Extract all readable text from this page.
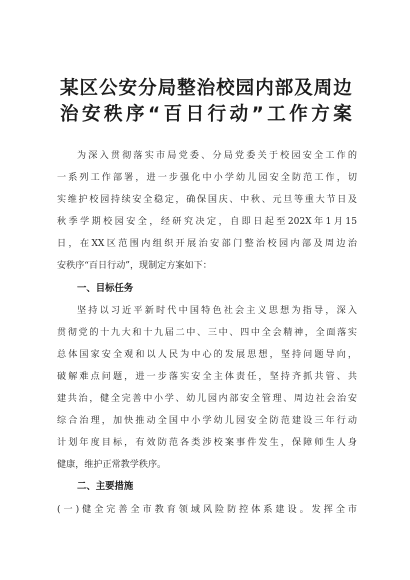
某区公安分局整治校园内部及周边
治安秩序“百日行动”工作方案
为深入贯彻落实市局党委、分局党委关于校园安全工作的
一系列工作部署，进一步强化中小学幼儿园安全防范工作，切
实维护校园持续安全稳定，确保国庆、中秋、元旦等重大节日及
秋季学期校园安全，经研究决定，自即日起至202X年1月15
日，在XX区范围内组织开展治安部门整治校园内部及周边治
安秩序“百日行动”，现制定方案如下：
一、目标任务
坚持以习近平新时代中国特色社会主义思想为指导，深入
贯彻党的十九大和十九届二中、三中、四中全会精神，全面落实
总体国家安全观和以人民为中心的发展思想，坚持问题导向，
破解难点问题，进一步落实安全主体责任，坚持齐抓共管、共
建共治，健全完善中小学、幼儿园内部安全管理、周边社会治安
综合治理，加快推动全国中小学幼儿园安全防范建设三年行动
计划年度目标，有效防范各类涉校案事件发生，保障师生人身
健康，维护正常教学秩序。
二、主要措施
(一)健全完善全市教育领域风险防控体系建设。发挥全市
